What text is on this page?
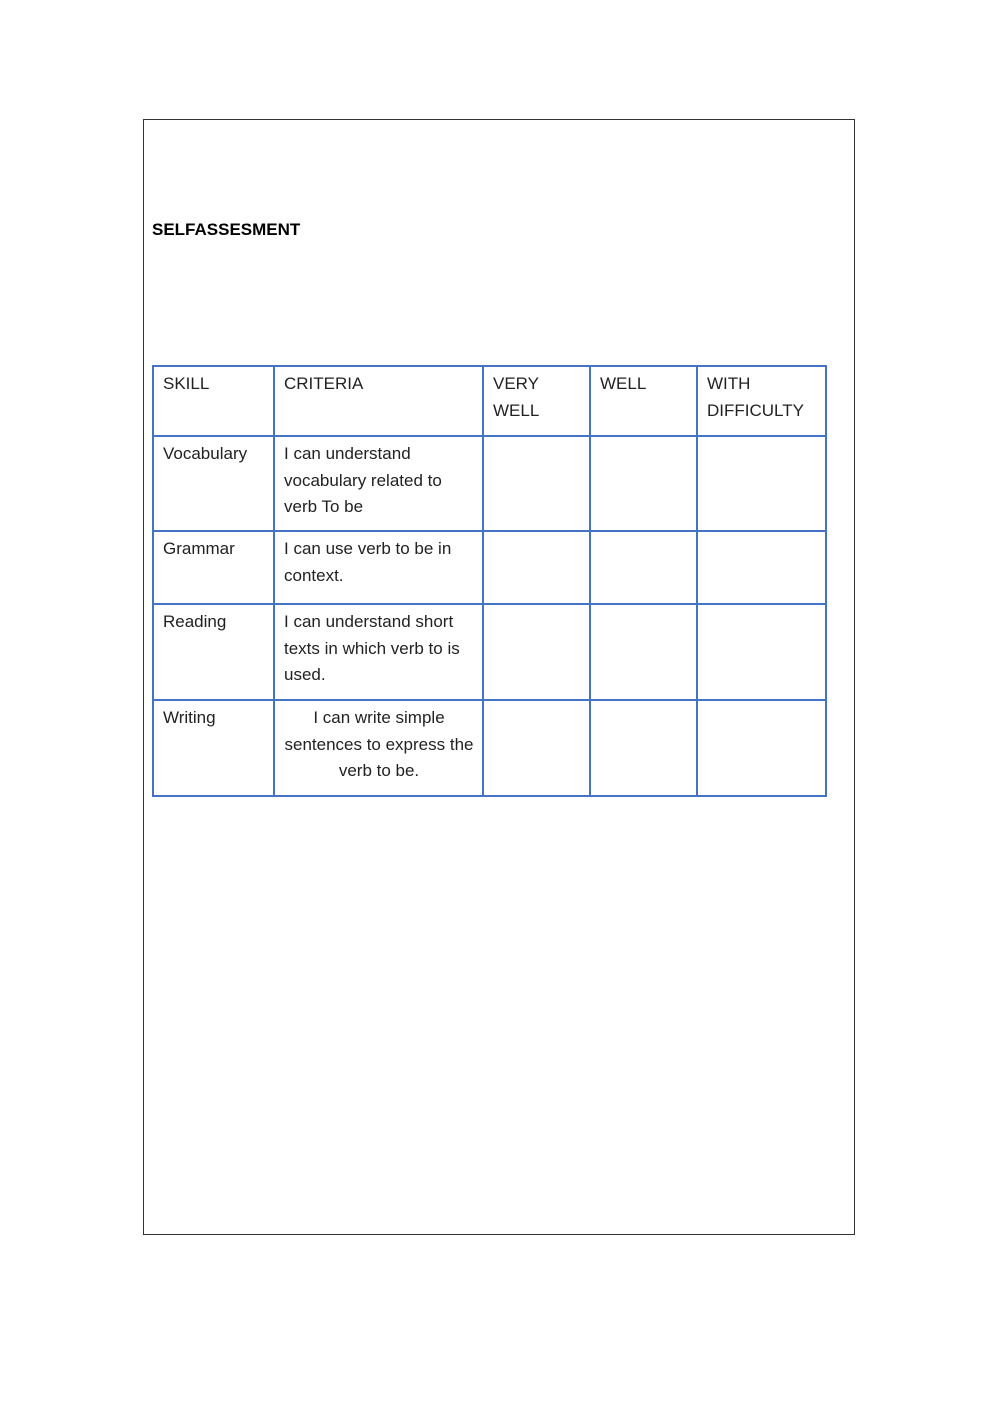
SELFASSESMENT
SKILL	CRITERIA	VERY WELL	WELL	WITH DIFFICULTY
Vocabulary	I can understand vocabulary related to verb To be			
Grammar	I can use verb to be in context.			
Reading	I can understand short texts in which verb to is used.			
Writing	I can write simple sentences to express the verb to be.			
